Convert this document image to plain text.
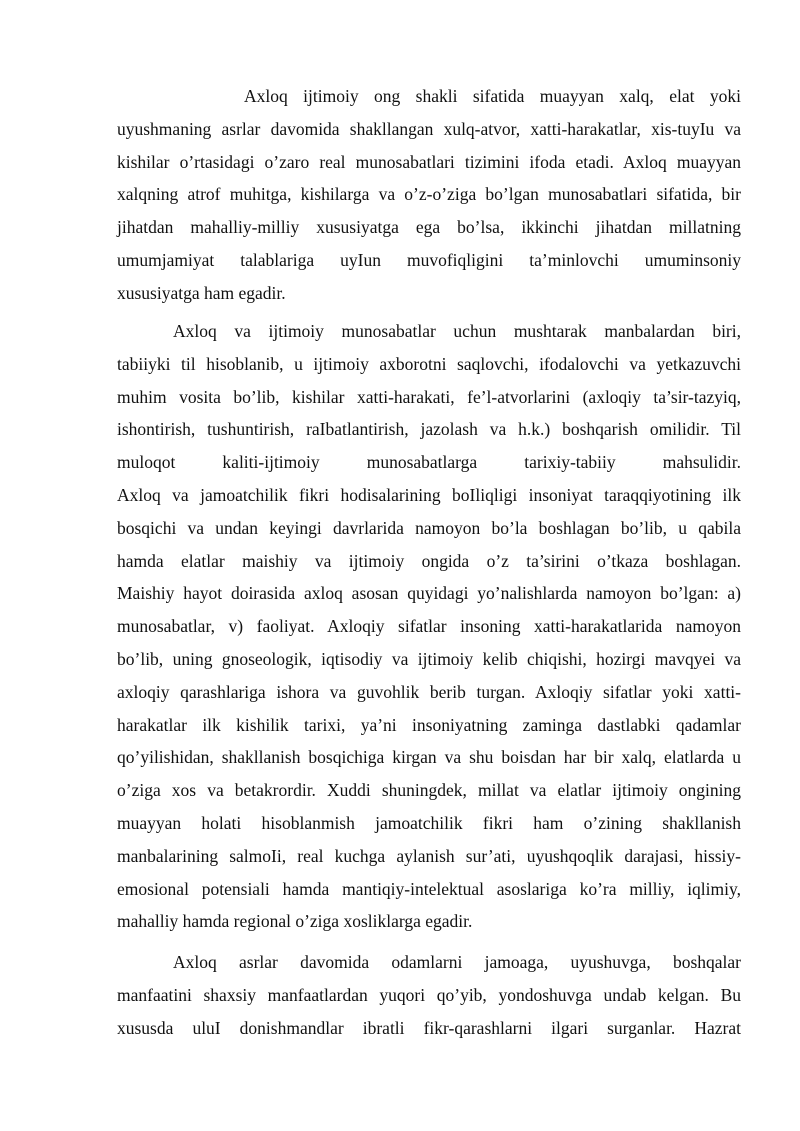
Axloq ijtimoiy ong shakli sifatida muayyan xalq, elat yoki
uyushmaning asrlar davomida shakllangan xulq-atvor, xatti-harakatlar, xis-tuyIu va
kishilar o’rtasidagi o’zaro real munosabatlari tizimini ifoda etadi. Axloq muayyan
xalqning atrof muhitga, kishilarga va o’z-o’ziga bo’lgan munosabatlari sifatida, bir
jihatdan mahalliy-milliy xususiyatga ega bo’lsa, ikkinchi jihatdan millatning
umumjamiyat talablariga uyIun muvofiqligini ta’minlovchi umuminsoniy
xususiyatga ham egadir.
Axloq va ijtimoiy munosabatlar uchun mushtarak manbalardan biri,
tabiiyki til hisoblanib, u ijtimoiy axborotni saqlovchi, ifodalovchi va yetkazuvchi
muhim vosita bo’lib, kishilar xatti-harakati, fe’l-atvorlarini (axloqiy ta’sir-tazyiq,
ishontirish, tushuntirish, raIbatlantirish, jazolash va h.k.) boshqarish omilidir. Til
muloqot kaliti-ijtimoiy munosabatlarga tarixiy-tabiiy mahsulidir.
Axloq va jamoatchilik fikri hodisalarining boIliqligi insoniyat taraqqiyotining ilk
bosqichi va undan keyingi davrlarida namoyon bo’la boshlagan bo’lib, u qabila
hamda elatlar maishiy va ijtimoiy ongida o’z ta’sirini o’tkaza boshlagan.
Maishiy hayot doirasida axloq asosan quyidagi yo’nalishlarda namoyon bo’lgan: a)
munosabatlar, v) faoliyat. Axloqiy sifatlar insoning xatti-harakatlarida namoyon
bo’lib, uning gnoseologik, iqtisodiy va ijtimoiy kelib chiqishi, hozirgi mavqyei va
axloqiy qarashlariga ishora va guvohlik berib turgan. Axloqiy sifatlar yoki xatti-
harakatlar ilk kishilik tarixi, ya’ni insoniyatning zaminga dastlabki qadamlar
qo’yilishidan, shakllanish bosqichiga kirgan va shu boisdan har bir xalq, elatlarda u
o’ziga xos va betakrordir. Xuddi shuningdek, millat va elatlar ijtimoiy ongining
muayyan holati hisoblanmish jamoatchilik fikri ham o’zining shakllanish
manbalarining salmoIi, real kuchga aylanish sur’ati, uyushqoqlik darajasi, hissiy-
emosional potensiali hamda mantiqiy-intelektual asoslariga ko’ra milliy, iqlimiy,
mahalliy hamda regional o’ziga xosliklarga egadir.
Axloq asrlar davomida odamlarni jamoaga, uyushuvga, boshqalar
manfaatini shaxsiy manfaatlardan yuqori qo’yib, yondoshuvga undab kelgan. Bu
xususda uluI donishmandlar ibratli fikr-qarashlarni ilgari surganlar. Hazrat
